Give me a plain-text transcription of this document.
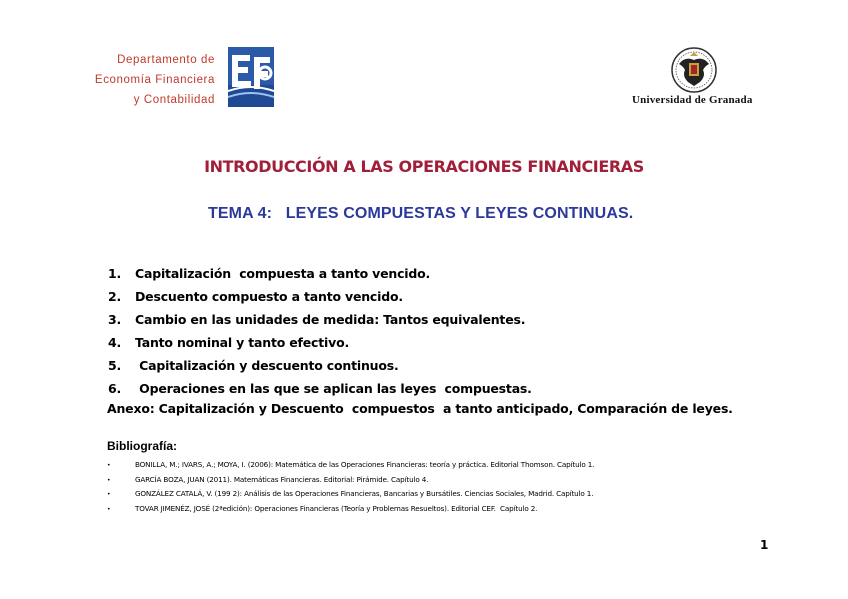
Departamento de
Economía Financiera
y Contabilidad	Universidad de Granada
INTRODUCCIÓN A LAS OPERACIONES FINANCIERAS
TEMA 4:   LEYES COMPUESTAS Y LEYES CONTINUAS.
1. Capitalización  compuesta a tanto vencido.
2. Descuento compuesto a tanto vencido.
3. Cambio en las unidades de medida: Tantos equivalentes.
4. Tanto nominal y tanto efectivo.
5. Capitalización y descuento continuos.
6. Operaciones en las que se aplican las leyes  compuestas.
Anexo: Capitalización y Descuento  compuestos  a tanto anticipado, Comparación de leyes.
Bibliografía:
•	BONILLA, M.; IVARS, A.; MOYA, I. (2006): Matemática de las Operaciones Financieras: teoría y práctica. Editorial Thomson. Capítulo 1.
•	GARCÍA BOZA, JUAN (2011). Matemáticas Financieras. Editorial: Pirámide. Capítulo 4.
•	GONZÁLEZ CATALÁ, V. (199 2): Análisis de las Operaciones Financieras, Bancarias y Bursátiles. Ciencias Sociales, Madrid. Capítulo 1.
•	TOVAR JIMENÉZ, JOSÉ (2ªedición): Operaciones Financieras (Teoría y Problemas Resueltos). Editorial CEF.  Capítulo 2.
1
